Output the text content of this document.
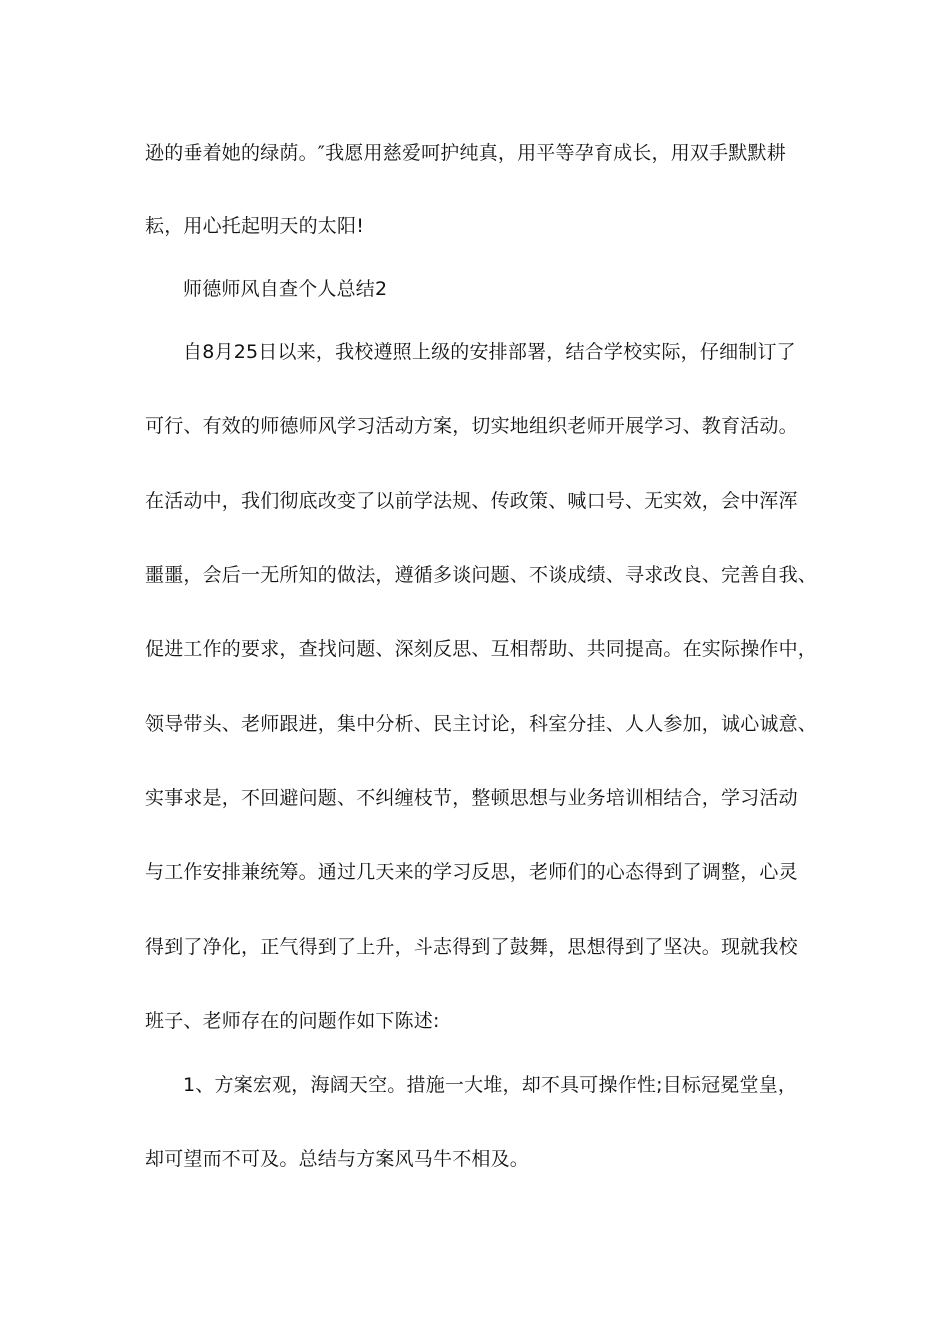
逊的垂着她的绿荫。″我愿用慈爱呵护纯真，用平等孕育成长，用双手默默耕
耘，用心托起明天的太阳!
师德师风自查个人总结2
自8月25日以来，我校遵照上级的安排部署，结合学校实际，仔细制订了
可行、有效的师德师风学习活动方案，切实地组织老师开展学习、教育活动。
在活动中，我们彻底改变了以前学法规、传政策、喊口号、无实效，会中浑浑
噩噩，会后一无所知的做法，遵循多谈问题、不谈成绩、寻求改良、完善自我、
促进工作的要求，查找问题、深刻反思、互相帮助、共同提高。在实际操作中，
领导带头、老师跟进，集中分析、民主讨论，科室分挂、人人参加，诚心诚意、
实事求是，不回避问题、不纠缠枝节，整顿思想与业务培训相结合，学习活动
与工作安排兼统筹。通过几天来的学习反思，老师们的心态得到了调整，心灵
得到了净化，正气得到了上升，斗志得到了鼓舞，思想得到了坚决。现就我校
班子、老师存在的问题作如下陈述:
1、方案宏观，海阔天空。措施一大堆，却不具可操作性;目标冠冕堂皇，
却可望而不可及。总结与方案风马牛不相及。
